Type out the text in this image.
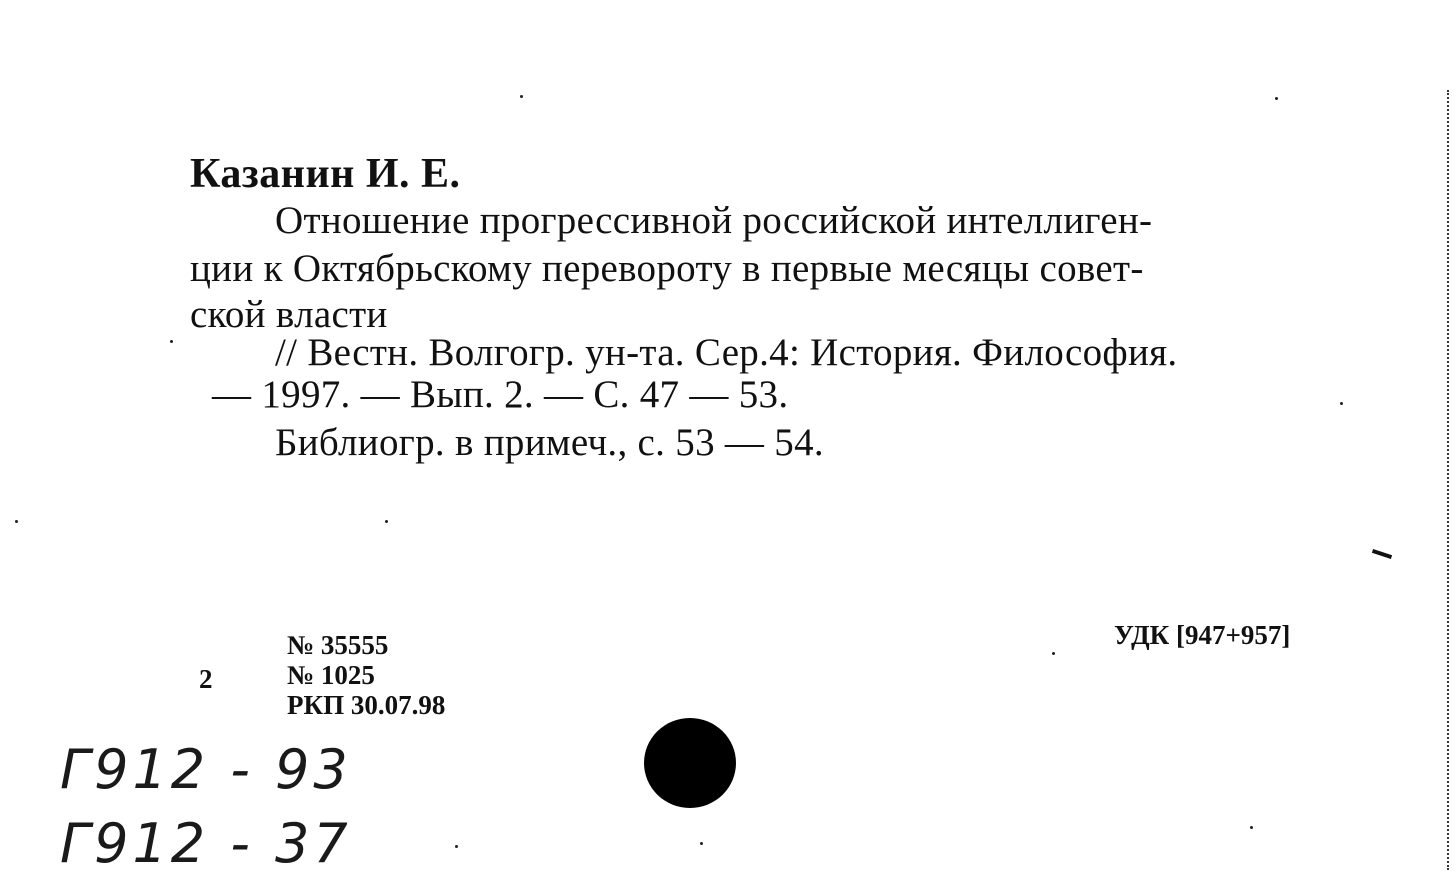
Казанин И. Е.
Отношение прогрессивной российской интеллиген-
ции к Октябрьскому перевороту в первые месяцы совет-
ской власти
// Вестн. Волгогр. ун-та. Сер.4: История. Философия.
— 1997. — Вып. 2. — С. 47 — 53.
Библиогр. в примеч., с. 53 — 54.
2
№ 35555
№ 1025
РКП 30.07.98
УДК [947+957]
Г912 - 93
Г912 - 37
